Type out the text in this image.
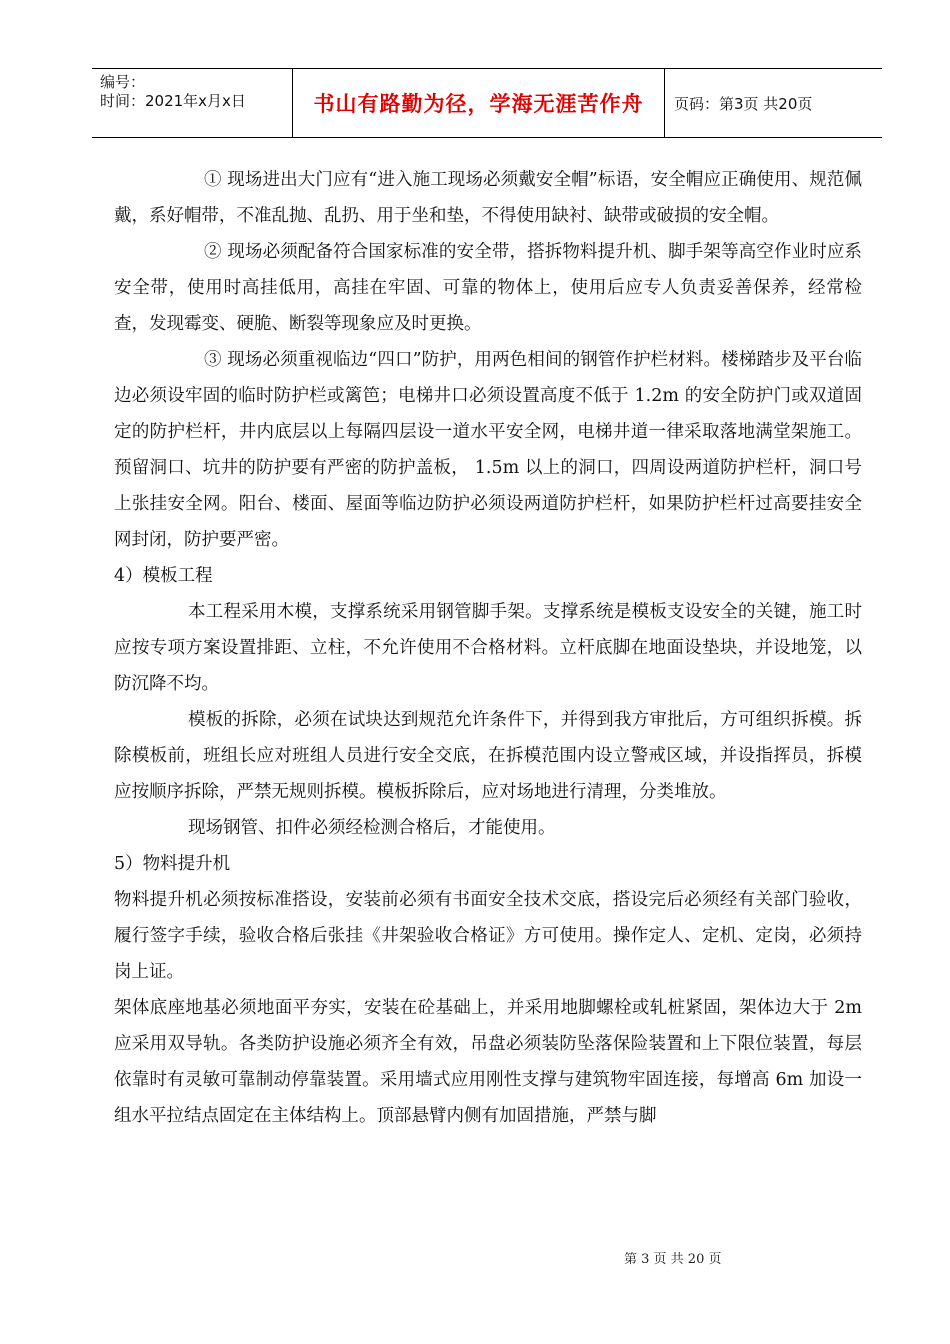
编号：
时间：2021年x月x日	书山有路勤为径，学海无涯苦作舟	页码：第3页 共20页

① 现场进出大门应有“进入施工现场必须戴安全帽”标语，安全帽应正确使用、规范佩戴，系好帽带，不准乱抛、乱扔、用于坐和垫，不得使用缺衬、缺带或破损的安全帽。

② 现场必须配备符合国家标准的安全带，搭拆物料提升机、脚手架等高空作业时应系安全带，使用时高挂低用，高挂在牢固、可靠的物体上，使用后应专人负责妥善保养，经常检查，发现霉变、硬脆、断裂等现象应及时更换。

③ 现场必须重视临边“四口”防护，用两色相间的钢管作护栏材料。楼梯踏步及平台临边必须设牢固的临时防护栏或篱笆；电梯井口必须设置高度不低于 1.2m 的安全防护门或双道固定的防护栏杆，井内底层以上每隔四层设一道水平安全网，电梯井道一律采取落地满堂架施工。预留洞口、坑井的防护要有严密的防护盖板， 1.5m 以上的洞口，四周设两道防护栏杆，洞口号上张挂安全网。阳台、楼面、屋面等临边防护必须设两道防护栏杆，如果防护栏杆过高要挂安全网封闭，防护要严密。

4）模板工程

本工程采用木模，支撑系统采用钢管脚手架。支撑系统是模板支设安全的关键，施工时应按专项方案设置排距、立柱，不允许使用不合格材料。立杆底脚在地面设垫块，并设地笼，以防沉降不均。

模板的拆除，必须在试块达到规范允许条件下，并得到我方审批后，方可组织拆模。拆除模板前，班组长应对班组人员进行安全交底，在拆模范围内设立警戒区域，并设指挥员，拆模应按顺序拆除，严禁无规则拆模。模板拆除后，应对场地进行清理，分类堆放。

现场钢管、扣件必须经检测合格后，才能使用。

5）物料提升机

物料提升机必须按标准搭设，安装前必须有书面安全技术交底，搭设完后必须经有关部门验收，履行签字手续，验收合格后张挂《井架验收合格证》方可使用。操作定人、定机、定岗，必须持岗上证。

架体底座地基必须地面平夯实，安装在砼基础上，并采用地脚螺栓或轧桩紧固，架体边大于 2m 应采用双导轨。各类防护设施必须齐全有效，吊盘必须装防坠落保险装置和上下限位装置，每层依靠时有灵敏可靠制动停靠装置。采用墙式应用刚性支撑与建筑物牢固连接，每增高 6m 加设一组水平拉结点固定在主体结构上。顶部悬臂内侧有加固措施，严禁与脚

第 3 页 共 20 页
